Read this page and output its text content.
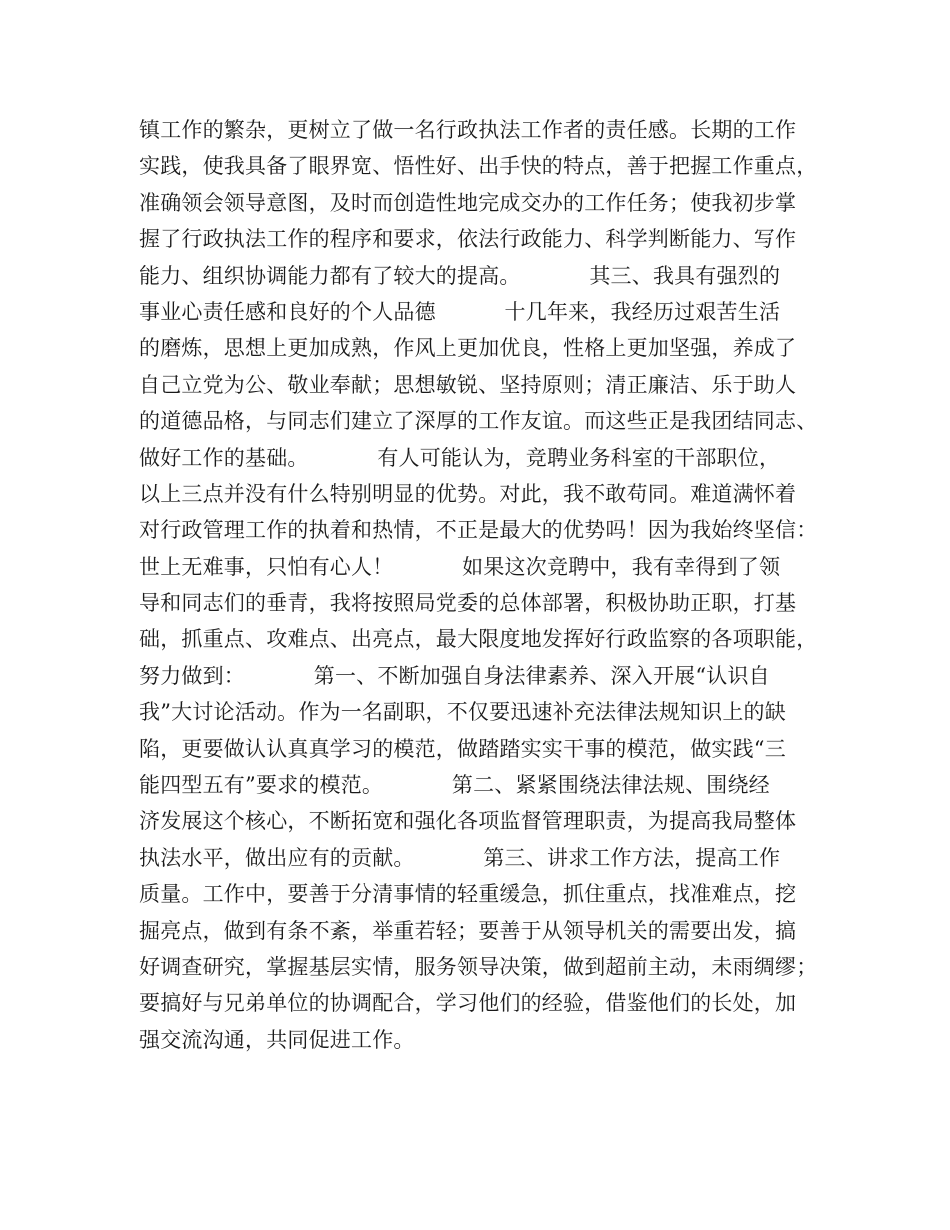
镇工作的繁杂，更树立了做一名行政执法工作者的责任感。长期的工作
实践，使我具备了眼界宽、悟性好、出手快的特点，善于把握工作重点，
准确领会领导意图，及时而创造性地完成交办的工作任务；使我初步掌
握了行政执法工作的程序和要求，依法行政能力、科学判断能力、写作
能力、组织协调能力都有了较大的提高。          其三、我具有强烈的
事业心责任感和良好的个人品德          十几年来，我经历过艰苦生活
的磨炼，思想上更加成熟，作风上更加优良，性格上更加坚强，养成了
自己立党为公、敬业奉献；思想敏锐、坚持原则；清正廉洁、乐于助人
的道德品格，与同志们建立了深厚的工作友谊。而这些正是我团结同志、
做好工作的基础。          有人可能认为，竞聘业务科室的干部职位，
以上三点并没有什么特别明显的优势。对此，我不敢苟同。难道满怀着
对行政管理工作的执着和热情，不正是最大的优势吗！因为我始终坚信：
世上无难事，只怕有心人！          如果这次竞聘中，我有幸得到了领
导和同志们的垂青，我将按照局党委的总体部署，积极协助正职，打基
础，抓重点、攻难点、出亮点，最大限度地发挥好行政监察的各项职能，
努力做到：          第一、不断加强自身法律素养、深入开展“认识自
我”大讨论活动。作为一名副职，不仅要迅速补充法律法规知识上的缺
陷，更要做认认真真学习的模范，做踏踏实实干事的模范，做实践“三
能四型五有”要求的模范。          第二、紧紧围绕法律法规、围绕经
济发展这个核心，不断拓宽和强化各项监督管理职责，为提高我局整体
执法水平，做出应有的贡献。          第三、讲求工作方法，提高工作
质量。工作中，要善于分清事情的轻重缓急，抓住重点，找准难点，挖
掘亮点，做到有条不紊，举重若轻；要善于从领导机关的需要出发，搞
好调查研究，掌握基层实情，服务领导决策，做到超前主动，未雨绸缪；
要搞好与兄弟单位的协调配合，学习他们的经验，借鉴他们的长处，加
强交流沟通，共同促进工作。
